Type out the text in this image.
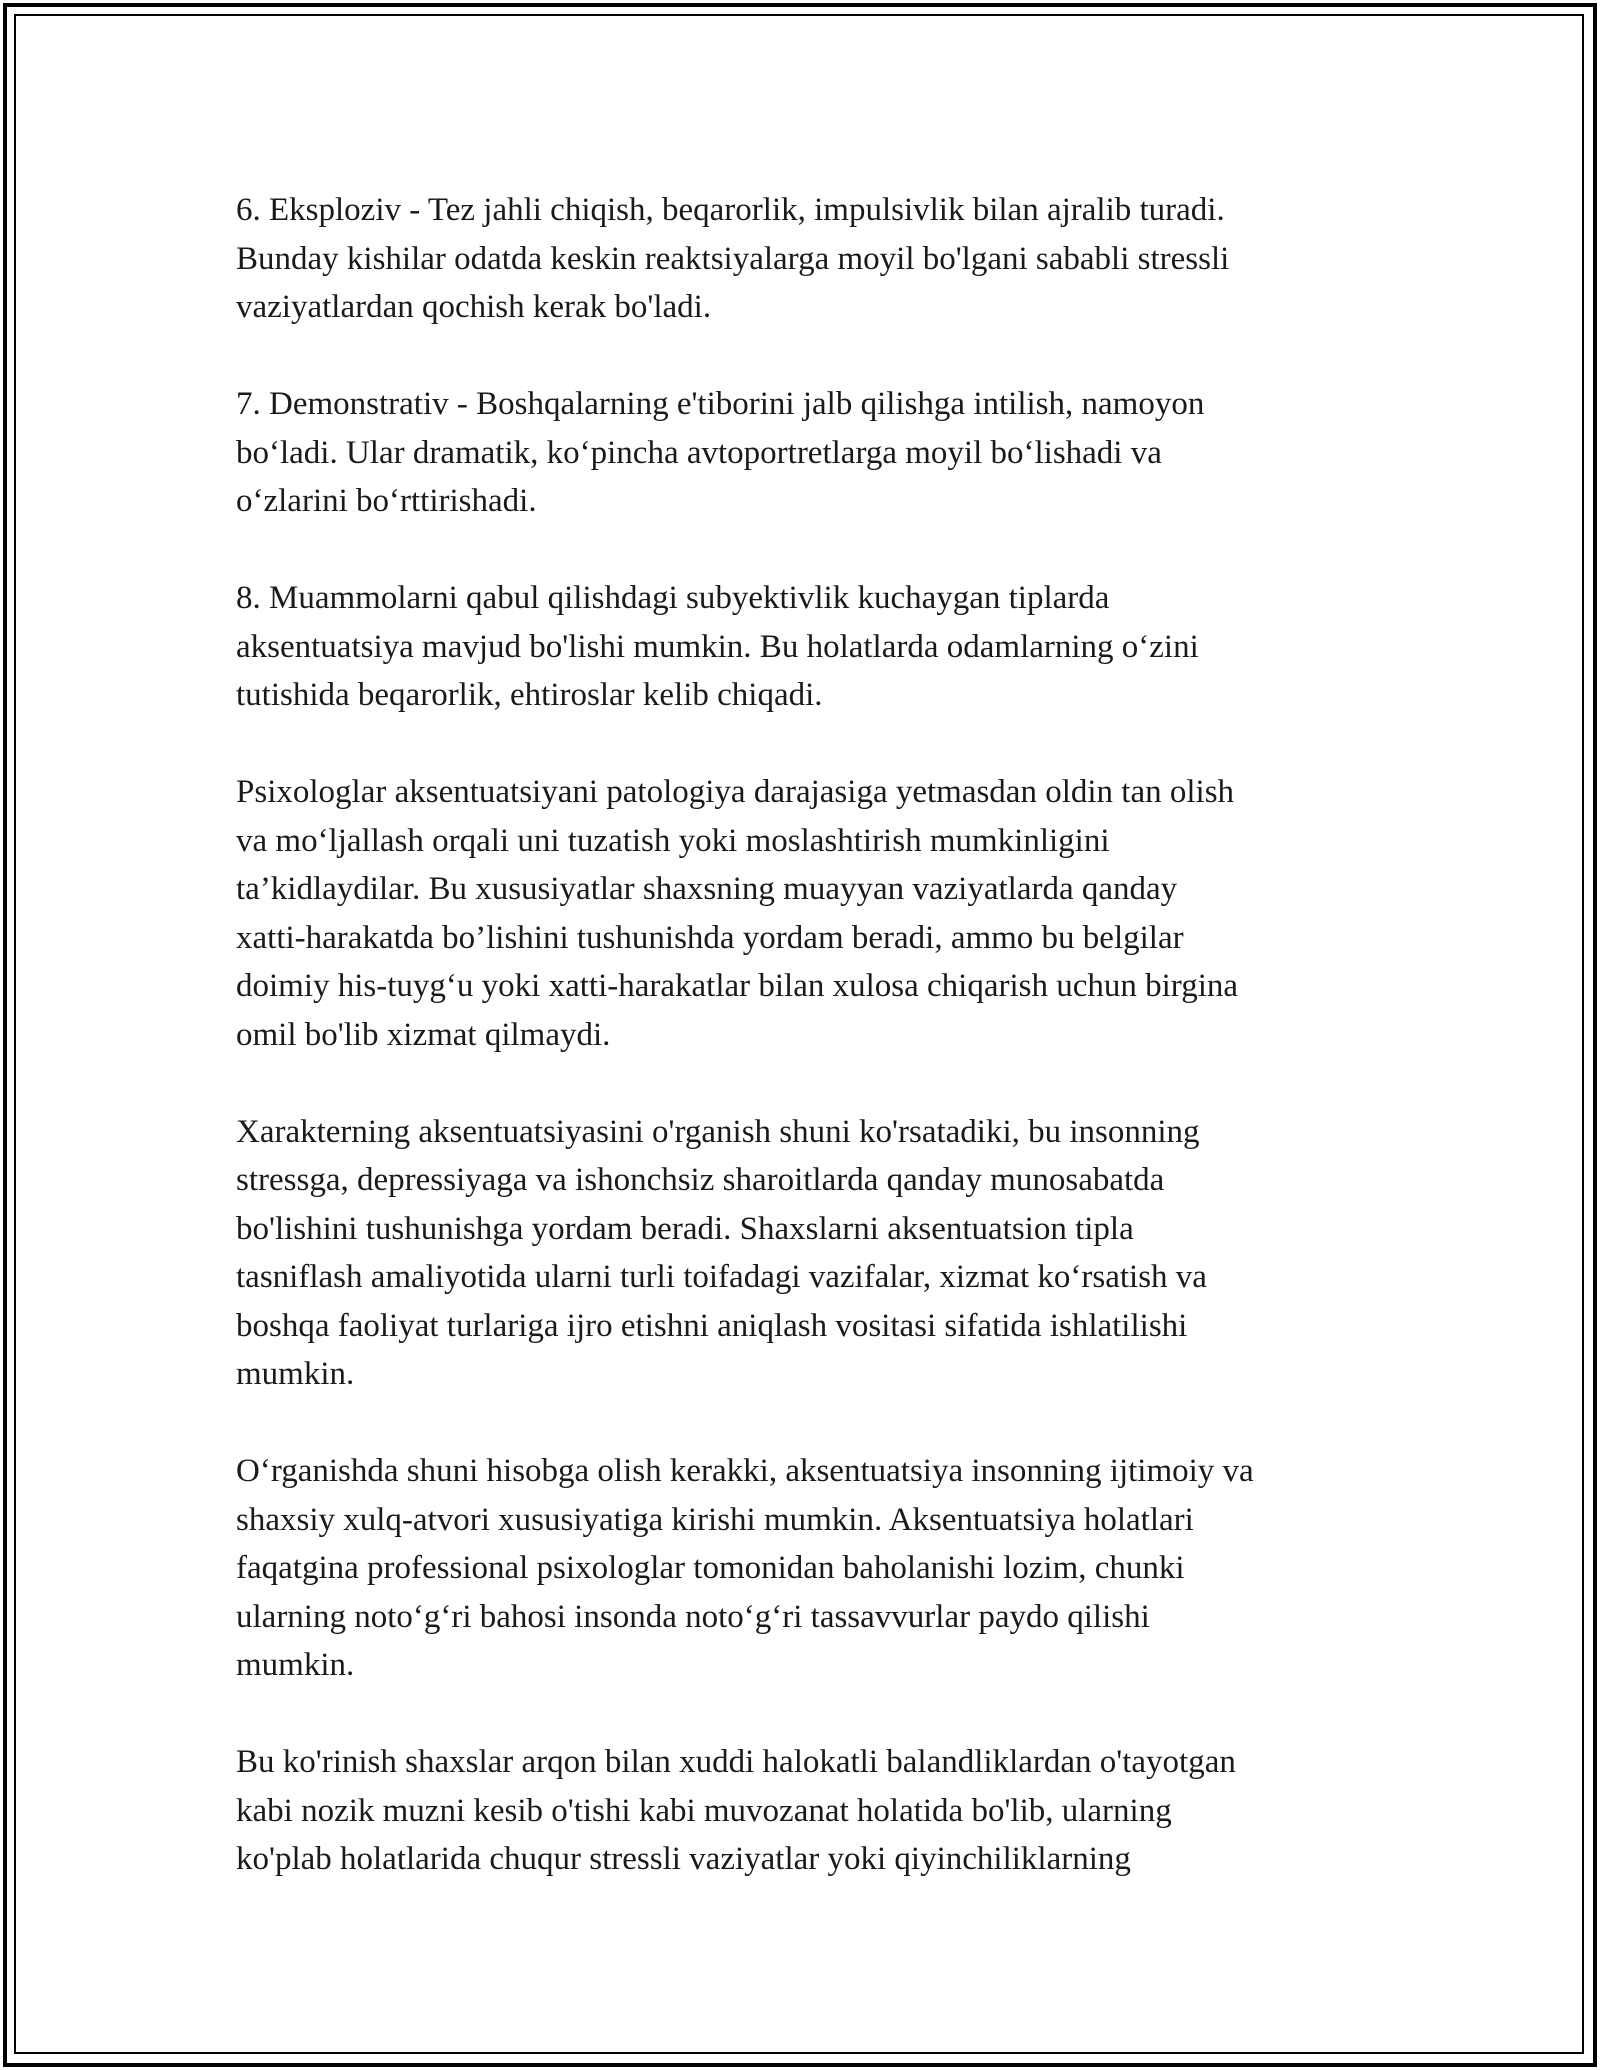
6. Eksploziv - Tez jahli chiqish, beqarorlik, impulsivlik bilan ajralib turadi.
Bunday kishilar odatda keskin reaktsiyalarga moyil bo'lgani sababli stressli
vaziyatlardan qochish kerak bo'ladi.

7. Demonstrativ - Boshqalarning e'tiborini jalb qilishga intilish, namoyon
bo‘ladi. Ular dramatik, ko‘pincha avtoportretlarga moyil bo‘lishadi va
o‘zlarini bo‘rttirishadi.

8. Muammolarni qabul qilishdagi subyektivlik kuchaygan tiplarda
aksentuatsiya mavjud bo'lishi mumkin. Bu holatlarda odamlarning o‘zini
tutishida beqarorlik, ehtiroslar kelib chiqadi.

Psixologlar aksentuatsiyani patologiya darajasiga yetmasdan oldin tan olish
va mo‘ljallash orqali uni tuzatish yoki moslashtirish mumkinligini
ta’kidlaydilar. Bu xususiyatlar shaxsning muayyan vaziyatlarda qanday
xatti-harakatda bo’lishini tushunishda yordam beradi, ammo bu belgilar
doimiy his-tuyg‘u yoki xatti-harakatlar bilan xulosa chiqarish uchun birgina
omil bo'lib xizmat qilmaydi.

Xarakterning aksentuatsiyasini o'rganish shuni ko'rsatadiki, bu insonning
stressga, depressiyaga va ishonchsiz sharoitlarda qanday munosabatda
bo'lishini tushunishga yordam beradi. Shaxslarni aksentuatsion tipla
tasniflash amaliyotida ularni turli toifadagi vazifalar, xizmat ko‘rsatish va
boshqa faoliyat turlariga ijro etishni aniqlash vositasi sifatida ishlatilishi
mumkin.

O‘rganishda shuni hisobga olish kerakki, aksentuatsiya insonning ijtimoiy va
shaxsiy xulq-atvori xususiyatiga kirishi mumkin. Aksentuatsiya holatlari
faqatgina professional psixologlar tomonidan baholanishi lozim, chunki
ularning noto‘g‘ri bahosi insonda noto‘g‘ri tassavvurlar paydo qilishi
mumkin.

Bu ko'rinish shaxslar arqon bilan xuddi halokatli balandliklardan o'tayotgan
kabi nozik muzni kesib o'tishi kabi muvozanat holatida bo'lib, ularning
ko'plab holatlarida chuqur stressli vaziyatlar yoki qiyinchiliklarning
